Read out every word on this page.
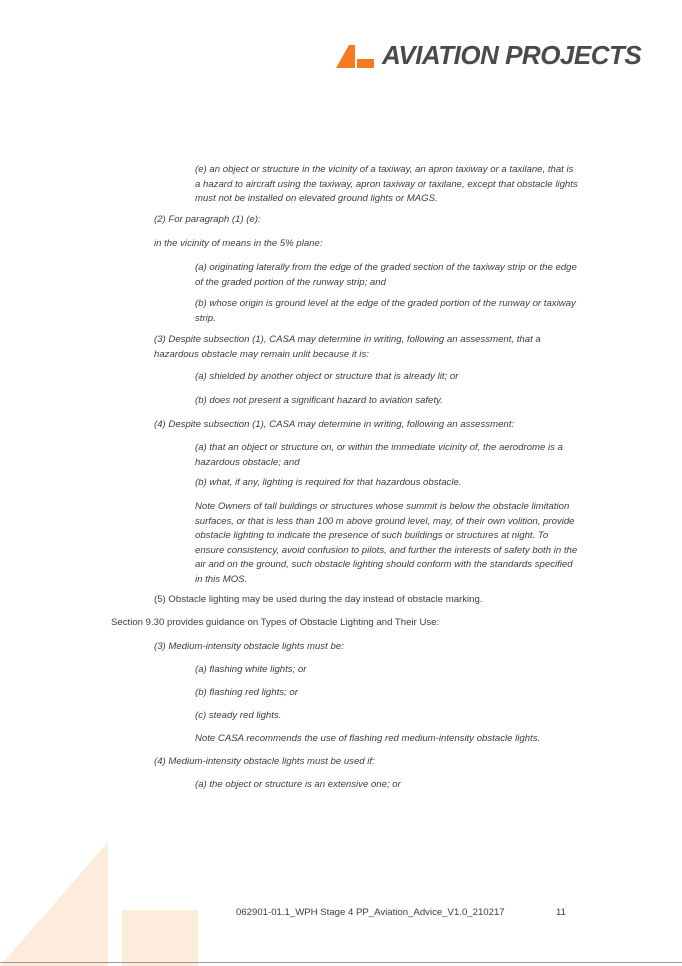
AVIATION PROJECTS
(e) an object or structure in the vicinity of a taxiway, an apron taxiway or a taxilane, that is a hazard to aircraft using the taxiway, apron taxiway or taxilane, except that obstacle lights must not be installed on elevated ground lights or MAGS.
(2) For paragraph (1) (e):
in the vicinity of means in the 5% plane:
(a) originating laterally from the edge of the graded section of the taxiway strip or the edge of the graded portion of the runway strip; and
(b) whose origin is ground level at the edge of the graded portion of the runway or taxiway strip.
(3) Despite subsection (1), CASA may determine in writing, following an assessment, that a hazardous obstacle may remain unlit because it is:
(a) shielded by another object or structure that is already lit; or
(b) does not present a significant hazard to aviation safety.
(4) Despite subsection (1), CASA may determine in writing, following an assessment:
(a) that an object or structure on, or within the immediate vicinity of, the aerodrome is a hazardous obstacle; and
(b) what, if any, lighting is required for that hazardous obstacle.
Note Owners of tall buildings or structures whose summit is below the obstacle limitation surfaces, or that is less than 100 m above ground level, may, of their own volition, provide obstacle lighting to indicate the presence of such buildings or structures at night. To ensure consistency, avoid confusion to pilots, and further the interests of safety both in the air and on the ground, such obstacle lighting should conform with the standards specified in this MOS.
(5) Obstacle lighting may be used during the day instead of obstacle marking.
Section 9.30 provides guidance on Types of Obstacle Lighting and Their Use:
(3) Medium-intensity obstacle lights must be:
(a) flashing white lights; or
(b) flashing red lights; or
(c) steady red lights.
Note CASA recommends the use of flashing red medium-intensity obstacle lights.
(4) Medium-intensity obstacle lights must be used if:
(a) the object or structure is an extensive one; or
062901-01.1_WPH Stage 4 PP_Aviation_Advice_V1.0_210217	11
